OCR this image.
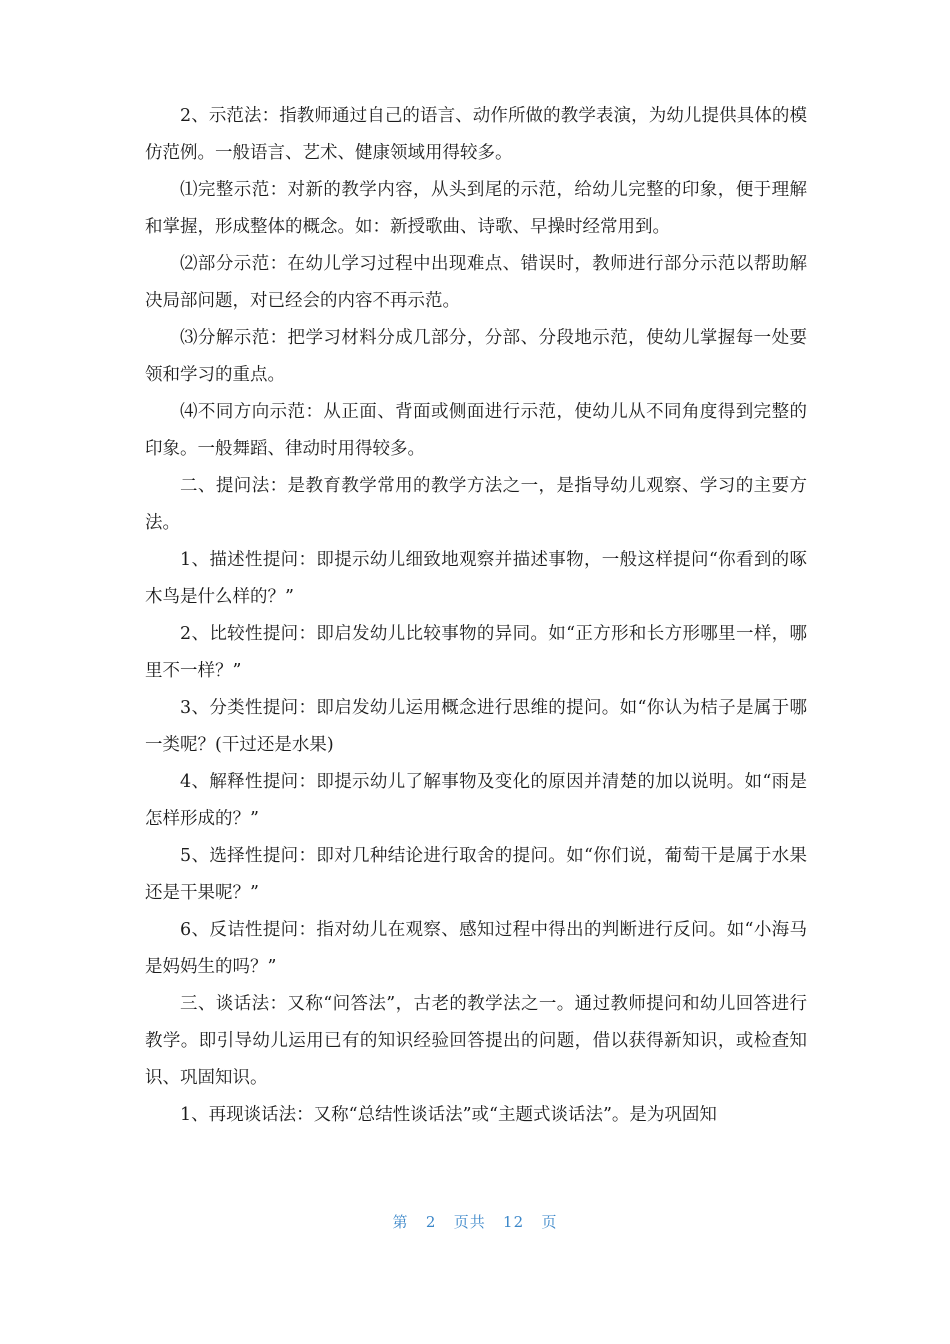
2、示范法：指教师通过自己的语言、动作所做的教学表演，为幼儿提供具体的模仿范例。一般语言、艺术、健康领域用得较多。

⑴完整示范：对新的教学内容，从头到尾的示范，给幼儿完整的印象，便于理解和掌握，形成整体的概念。如：新授歌曲、诗歌、早操时经常用到。

⑵部分示范：在幼儿学习过程中出现难点、错误时，教师进行部分示范以帮助解决局部问题，对已经会的内容不再示范。

⑶分解示范：把学习材料分成几部分，分部、分段地示范，使幼儿掌握每一处要领和学习的重点。

⑷不同方向示范：从正面、背面或侧面进行示范，使幼儿从不同角度得到完整的印象。一般舞蹈、律动时用得较多。

二、提问法：是教育教学常用的教学方法之一，是指导幼儿观察、学习的主要方法。

1、描述性提问：即提示幼儿细致地观察并描述事物，一般这样提问“你看到的啄木鸟是什么样的？”

2、比较性提问：即启发幼儿比较事物的异同。如“正方形和长方形哪里一样，哪里不一样？”

3、分类性提问：即启发幼儿运用概念进行思维的提问。如“你认为桔子是属于哪一类呢？(干过还是水果)

4、解释性提问：即提示幼儿了解事物及变化的原因并清楚的加以说明。如“雨是怎样形成的？”

5、选择性提问：即对几种结论进行取舍的提问。如“你们说，葡萄干是属于水果还是干果呢？”

6、反诘性提问：指对幼儿在观察、感知过程中得出的判断进行反问。如“小海马是妈妈生的吗？”

三、谈话法：又称“问答法”，古老的教学法之一。通过教师提问和幼儿回答进行教学。即引导幼儿运用已有的知识经验回答提出的问题，借以获得新知识，或检查知识、巩固知识。

1、再现谈话法：又称“总结性谈话法”或“主题式谈话法”。是为巩固知

第 2 页共 12 页
